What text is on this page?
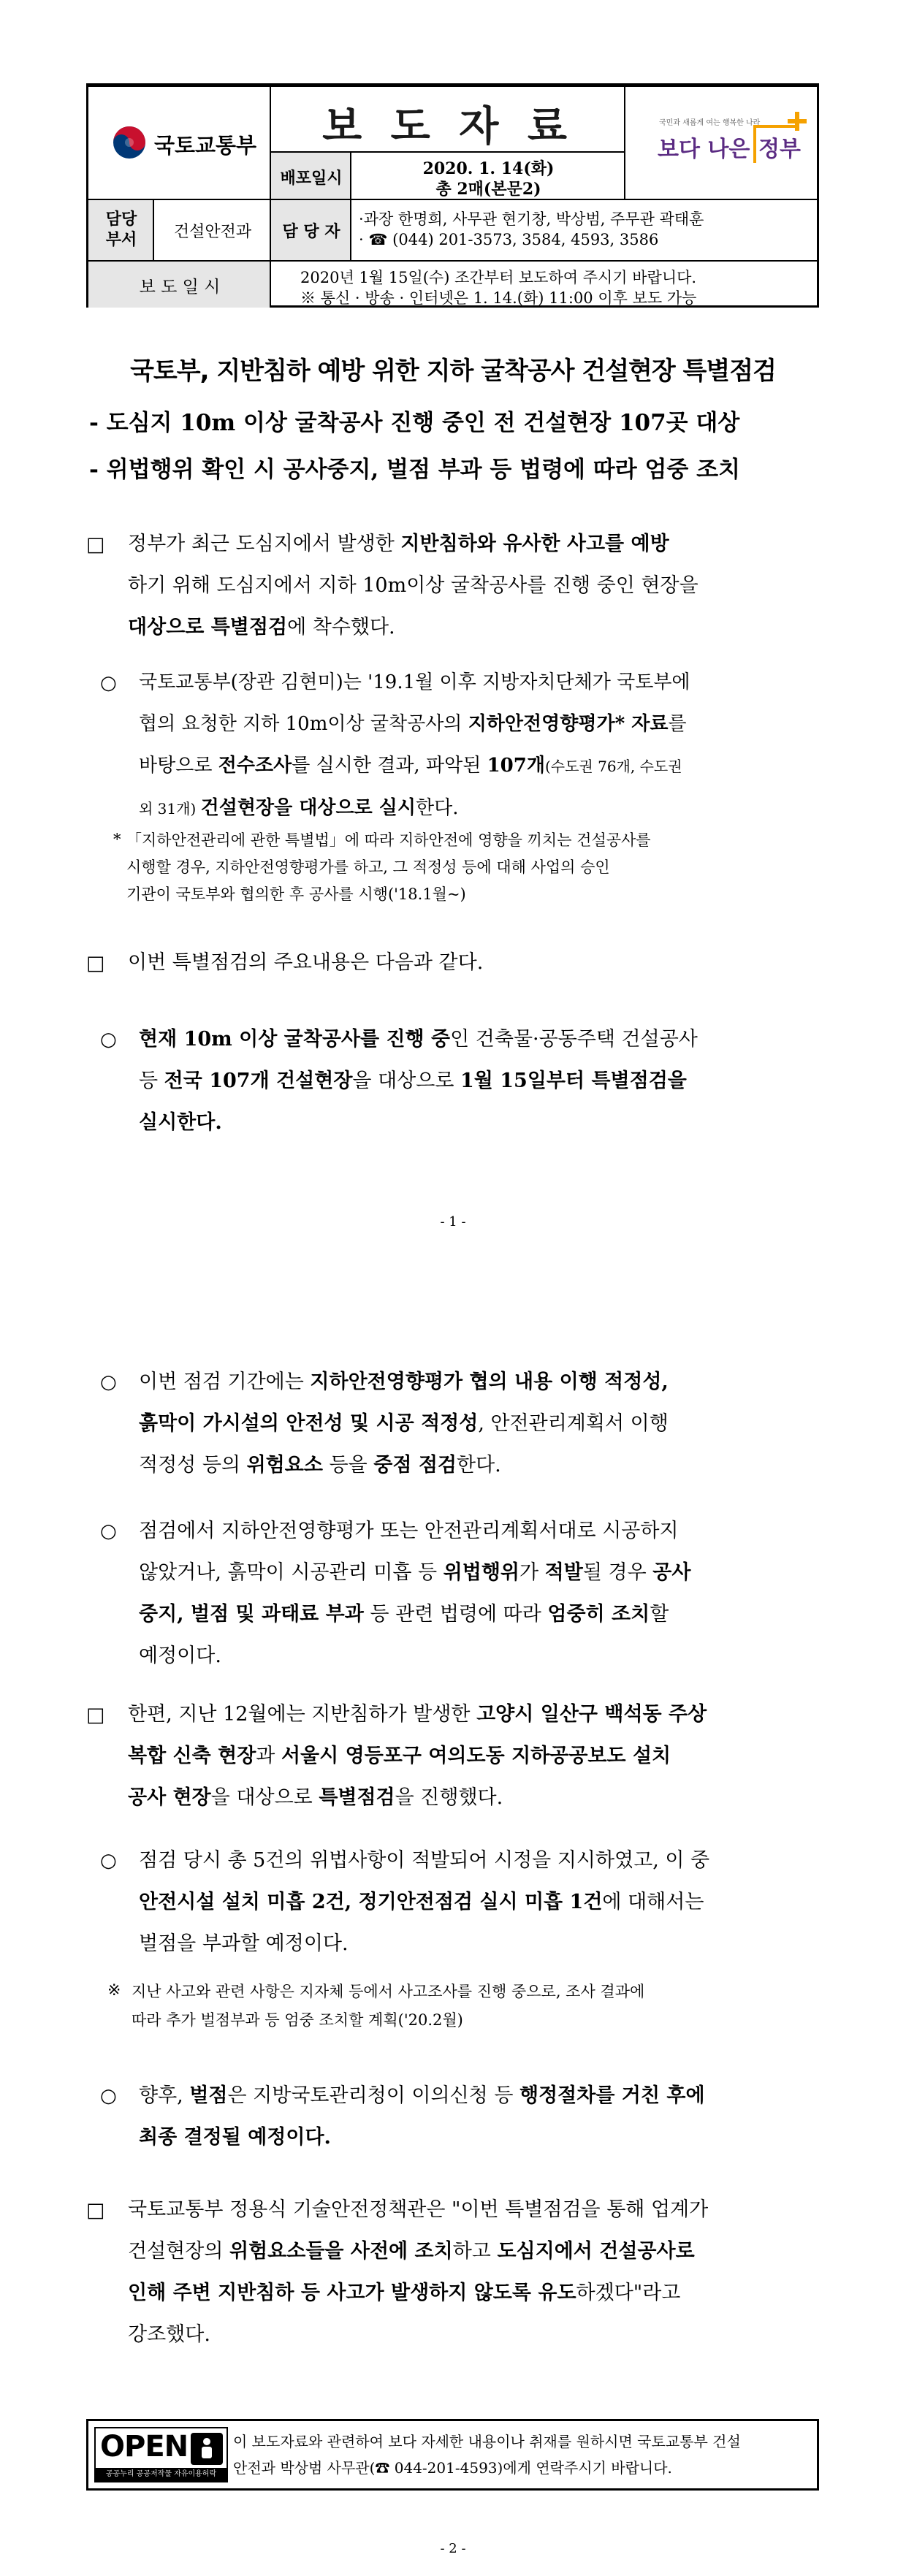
국토교통부	보 도 자 료
배포일시	2020. 1. 14(화)
총 2매(본문2)
국민과 새롭게 여는 행복한 나라
보다 나은 정부
담당
부서	건설안전과	담 당 자
·과장 한명희, 사무관 현기창, 박상범, 주무관 곽태훈
· ☎ (044) 201-3573, 3584, 4593, 3586
보 도 일 시	2020년 1월 15일(수) 조간부터 보도하여 주시기 바랍니다.
※ 통신 · 방송 · 인터넷은 1. 14.(화) 11:00 이후 보도 가능
국토부, 지반침하 예방 위한 지하 굴착공사 건설현장 특별점검
- 도심지 10m 이상 굴착공사 진행 중인 전 건설현장 107곳 대상
- 위법행위 확인 시 공사중지, 벌점 부과 등 법령에 따라 엄중 조치
□ 정부가 최근 도심지에서 발생한 지반침하와 유사한 사고를 예방
하기 위해 도심지에서 지하 10m이상 굴착공사를 진행 중인 현장을
대상으로 특별점검에 착수했다.
○ 국토교통부(장관 김현미)는 '19.1월 이후 지방자치단체가 국토부에
협의 요청한 지하 10m이상 굴착공사의 지하안전영향평가* 자료를
바탕으로 전수조사를 실시한 결과, 파악된 107개(수도권 76개, 수도권
외 31개) 건설현장을 대상으로 실시한다.
* 「지하안전관리에 관한 특별법」에 따라 지하안전에 영향을 끼치는 건설공사를
시행할 경우, 지하안전영향평가를 하고, 그 적정성 등에 대해 사업의 승인
기관이 국토부와 협의한 후 공사를 시행('18.1월~)
□ 이번 특별점검의 주요내용은 다음과 같다.
○ 현재 10m 이상 굴착공사를 진행 중인 건축물·공동주택 건설공사
등 전국 107개 건설현장을 대상으로 1월 15일부터 특별점검을
실시한다.
- 1 -
○ 이번 점검 기간에는 지하안전영향평가 협의 내용 이행 적정성,
흙막이 가시설의 안전성 및 시공 적정성, 안전관리계획서 이행
적정성 등의 위험요소 등을 중점 점검한다.
○ 점검에서 지하안전영향평가 또는 안전관리계획서대로 시공하지
않았거나, 흙막이 시공관리 미흡 등 위법행위가 적발될 경우 공사
중지, 벌점 및 과태료 부과 등 관련 법령에 따라 엄중히 조치할
예정이다.
□ 한편, 지난 12월에는 지반침하가 발생한 고양시 일산구 백석동 주상
복합 신축 현장과 서울시 영등포구 여의도동 지하공공보도 설치
공사 현장을 대상으로 특별점검을 진행했다.
○ 점검 당시 총 5건의 위법사항이 적발되어 시정을 지시하였고, 이 중
안전시설 설치 미흡 2건, 정기안전점검 실시 미흡 1건에 대해서는
벌점을 부과할 예정이다.
※ 지난 사고와 관련 사항은 지자체 등에서 사고조사를 진행 중으로, 조사 결과에
따라 추가 벌점부과 등 엄중 조치할 계획('20.2월)
○ 향후, 벌점은 지방국토관리청이 이의신청 등 행정절차를 거친 후에
최종 결정될 예정이다.
□ 국토교통부 정용식 기술안전정책관은 "이번 특별점검을 통해 업계가
건설현장의 위험요소들을 사전에 조치하고 도심지에서 건설공사로
인해 주변 지반침하 등 사고가 발생하지 않도록 유도하겠다"라고
강조했다.
OPEN
공공누리 공공저작물 자유이용허락
이 보도자료와 관련하여 보다 자세한 내용이나 취재를 원하시면 국토교통부 건설
안전과 박상범 사무관(☎ 044-201-4593)에게 연락주시기 바랍니다.
- 2 -
